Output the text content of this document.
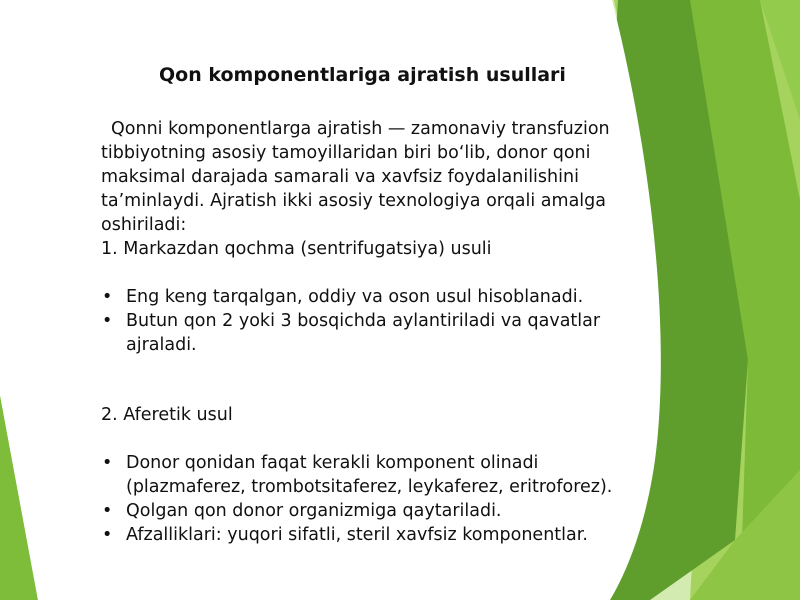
Qon komponentlariga ajratish usullari

Qonni komponentlarga ajratish — zamonaviy transfuzion tibbiyotning asosiy tamoyillaridan biri bo‘lib, donor qoni maksimal darajada samarali va xavfsiz foydalanilishini ta’minlaydi. Ajratish ikki asosiy texnologiya orqali amalga oshiriladi:

1. Markazdan qochma (sentrifugatsiya) usuli

• Eng keng tarqalgan, oddiy va oson usul hisoblanadi.
• Butun qon 2 yoki 3 bosqichda aylantiriladi va qavatlar ajraladi.

2. Aferetik usul

• Donor qonidan faqat kerakli komponent olinadi (plazmaferez, trombotsitaferez, leykaferez, eritroforez).
• Qolgan qon donor organizmiga qaytariladi.
• Afzalliklari: yuqori sifatli, steril xavfsiz komponentlar.
